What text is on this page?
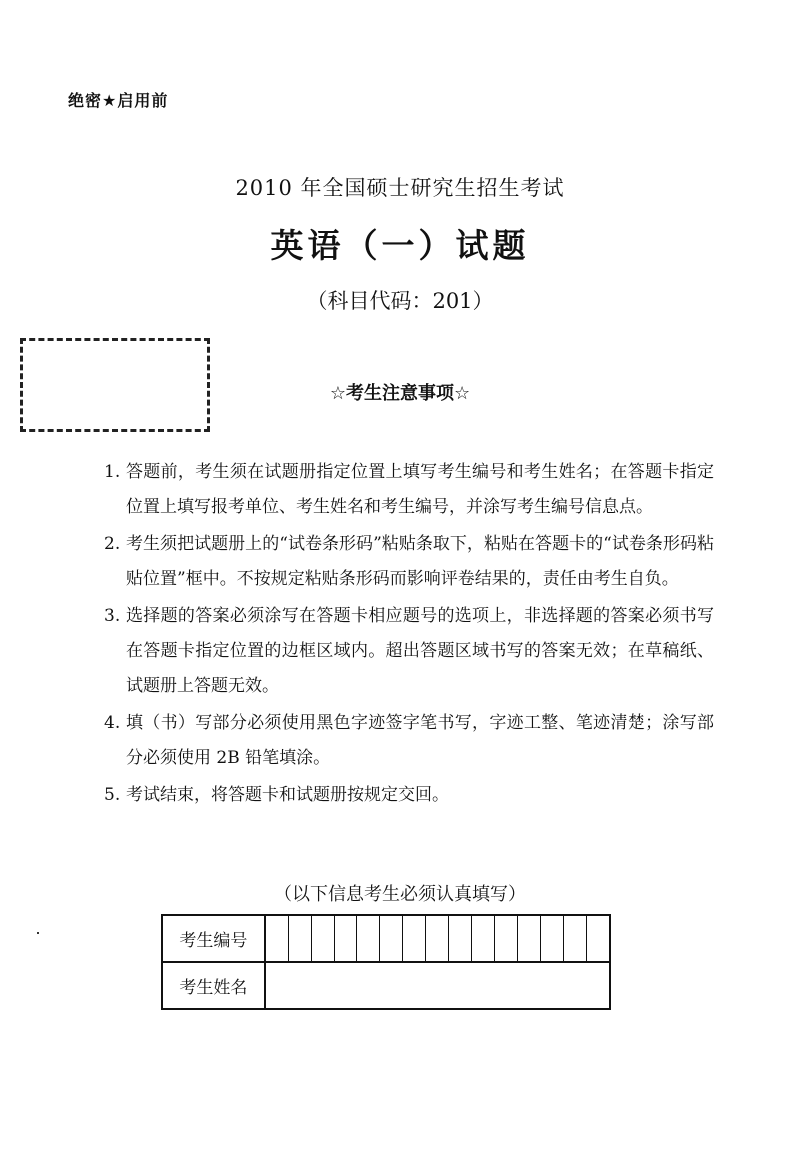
绝密★启用前
2010 年全国硕士研究生招生考试
英语（一）试题
（科目代码：201）
☆考生注意事项☆
1. 答题前，考生须在试题册指定位置上填写考生编号和考生姓名；在答题卡指定位置上填写报考单位、考生姓名和考生编号，并涂写考生编号信息点。
2. 考生须把试题册上的“试卷条形码”粘贴条取下，粘贴在答题卡的“试卷条形码粘贴位置”框中。不按规定粘贴条形码而影响评卷结果的，责任由考生自负。
3. 选择题的答案必须涂写在答题卡相应题号的选项上，非选择题的答案必须书写在答题卡指定位置的边框区域内。超出答题区域书写的答案无效；在草稿纸、试题册上答题无效。
4. 填（书）写部分必须使用黑色字迹签字笔书写，字迹工整、笔迹清楚；涂写部分必须使用 2B 铅笔填涂。
5. 考试结束，将答题卡和试题册按规定交回。
（以下信息考生必须认真填写）
考生编号															
考生姓名															
